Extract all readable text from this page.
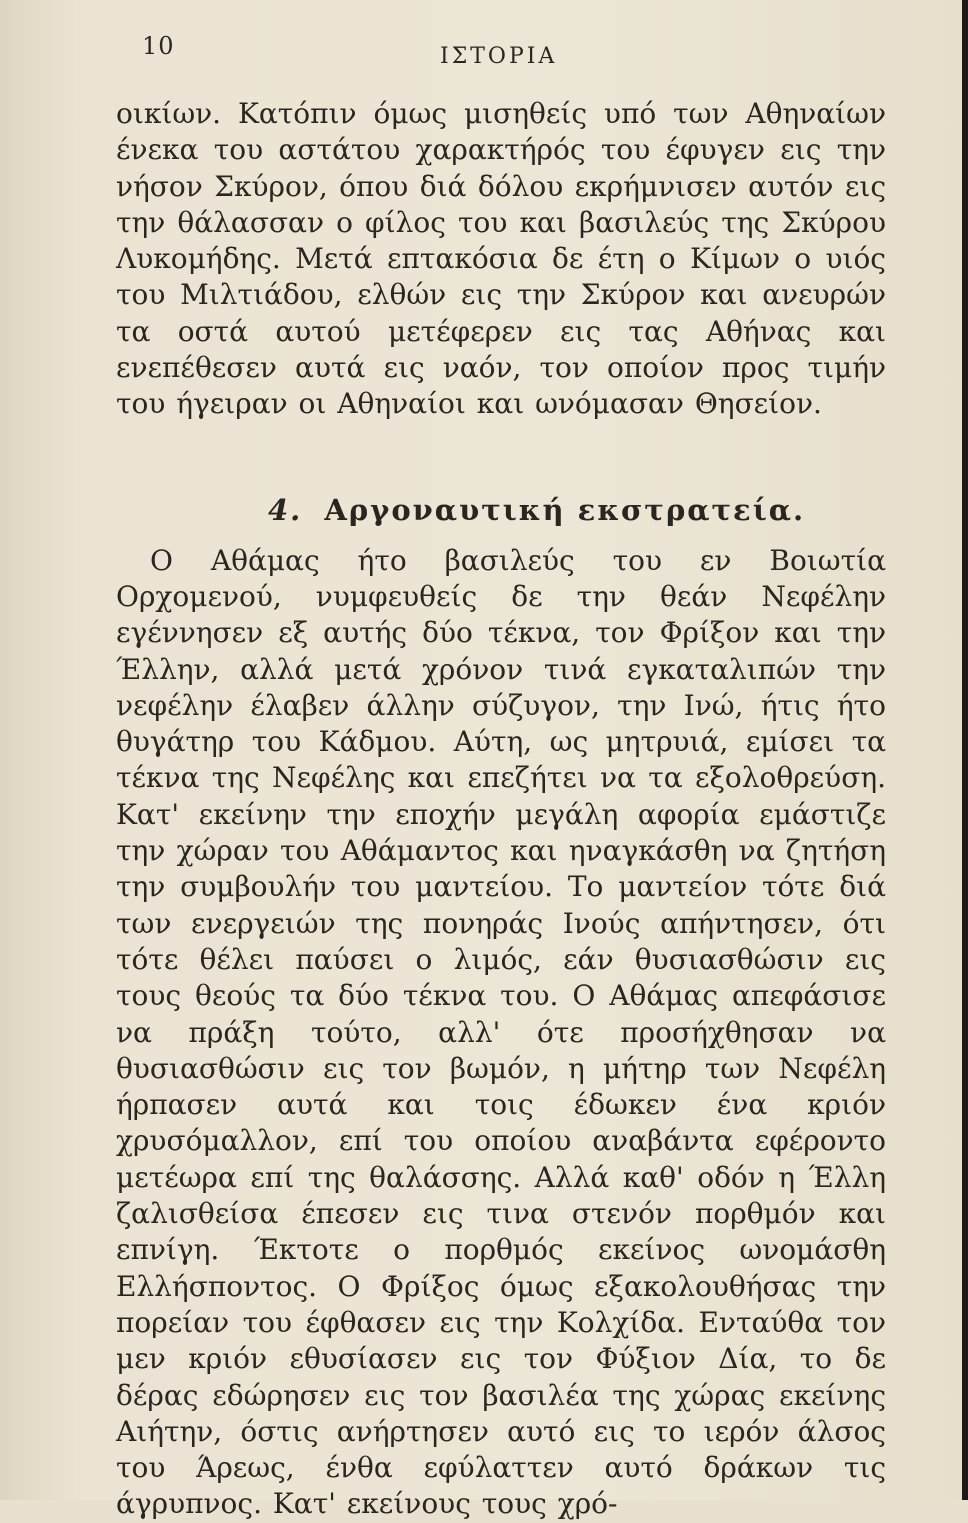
10	ΙΣΤΟΡΙΑ

οικίων. Κατόπιν όμως μισηθείς υπό των Αθηναίων ένεκα του αστάτου χαρακτήρός του έφυγεν εις την νήσον Σκύρον, όπου διά δόλου εκρήμνισεν αυτόν εις την θάλασσαν ο φίλος του και βασιλεύς της Σκύρου Λυκομήδης. Μετά επτακόσια δε έτη ο Κίμων ο υιός του Μιλτιάδου, ελθών εις την Σκύρον και ανευρών τα οστά αυτού μετέφερεν εις τας Αθήνας και ενεπέθεσεν αυτά εις ναόν, τον οποίον προς τιμήν του ήγειραν οι Αθηναίοι και ωνόμασαν Θησείον.

4. Αργοναυτική εκστρατεία.

Ο Αθάμας ήτο βασιλεύς του εν Βοιωτία Ορχομενού, νυμφευθείς δε την θεάν Νεφέλην εγέννησεν εξ αυτής δύο τέκνα, τον Φρίξον και την Έλλην, αλλά μετά χρόνον τινά εγκαταλιπών την νεφέλην έλαβεν άλλην σύζυγον, την Ινώ, ήτις ήτο θυγάτηρ του Κάδμου. Αύτη, ως μητρυιά, εμίσει τα τέκνα της Νεφέλης και επεζήτει να τα εξολοθρεύση. Κατ' εκείνην την εποχήν μεγάλη αφορία εμάστιζε την χώραν του Αθάμαντος και ηναγκάσθη να ζητήση την συμβουλήν του μαντείου. Το μαντείον τότε διά των ενεργειών της πονηράς Ινούς απήντησεν, ότι τότε θέλει παύσει ο λιμός, εάν θυσιασθώσιν εις τους θεούς τα δύο τέκνα του. Ο Αθάμας απεφάσισε να πράξη τούτο, αλλ' ότε προσήχθησαν να θυσιασθώσιν εις τον βωμόν, η μήτηρ των Νεφέλη ήρπασεν αυτά και τοις έδωκεν ένα κριόν χρυσόμαλλον, επί του οποίου αναβάντα εφέροντο μετέωρα επί της θαλάσσης. Αλλά καθ' οδόν η Έλλη ζαλισθείσα έπεσεν εις τινα στενόν πορθμόν και επνίγη. Έκτοτε ο πορθμός εκείνος ωνομάσθη Ελλήσποντος. Ο Φρίξος όμως εξακολουθήσας την πορείαν του έφθασεν εις την Κολχίδα. Ενταύθα τον μεν κριόν εθυσίασεν εις τον Φύξιον Δία, το δε δέρας εδώρησεν εις τον βασιλέα της χώρας εκείνης Αιήτην, όστις ανήρτησεν αυτό εις το ιερόν άλσος του Άρεως, ένθα εφύλαττεν αυτό δράκων τις άγρυπνος. Κατ' εκείνους τους χρό-
